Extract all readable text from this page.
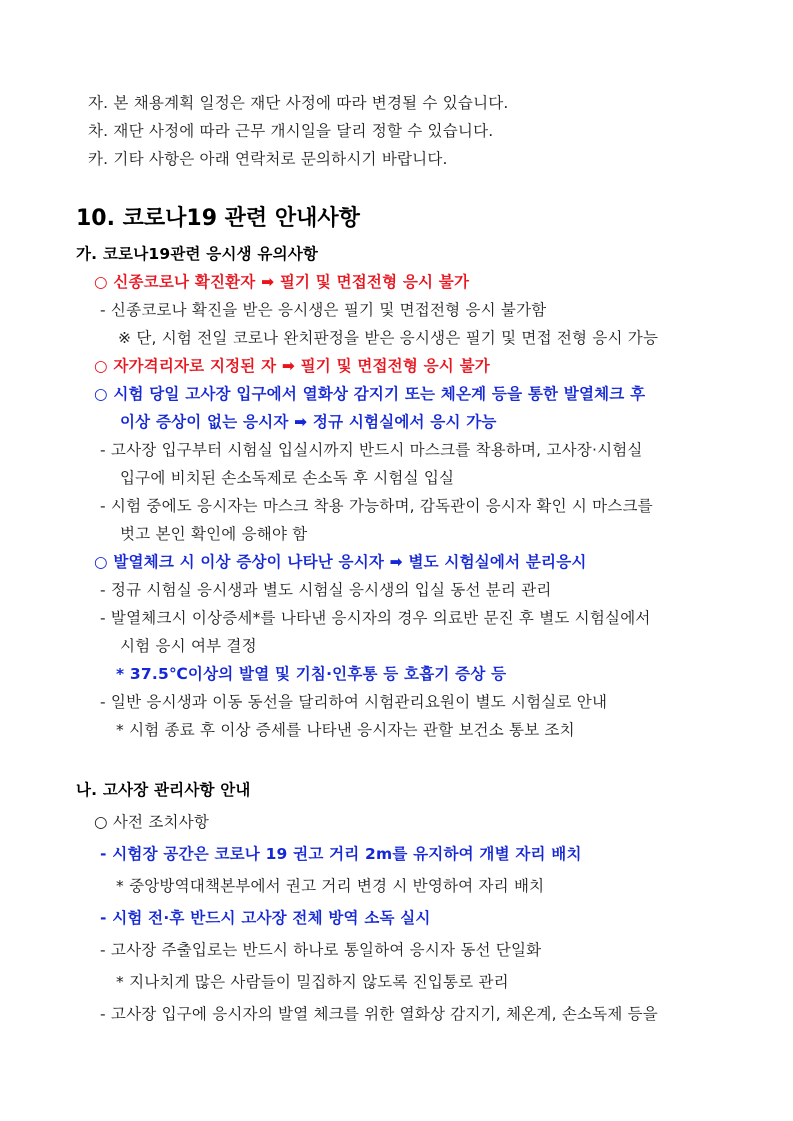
자. 본 채용계획 일정은 재단 사정에 따라 변경될 수 있습니다.
차. 재단 사정에 따라 근무 개시일을 달리 정할 수 있습니다.
카. 기타 사항은 아래 연락처로 문의하시기 바랍니다.
10. 코로나19 관련 안내사항
가. 코로나19관련 응시생 유의사항
○ 신종코로나 확진환자 ➡ 필기 및 면접전형 응시 불가
- 신종코로나 확진을 받은 응시생은 필기 및 면접전형 응시 불가함
※ 단, 시험 전일 코로나 완치판정을 받은 응시생은 필기 및 면접 전형 응시 가능
○ 자가격리자로 지정된 자 ➡ 필기 및 면접전형 응시 불가
○ 시험 당일 고사장 입구에서 열화상 감지기 또는 체온계 등을 통한 발열체크 후
이상 증상이 없는 응시자 ➡ 정규 시험실에서 응시 가능
- 고사장 입구부터 시험실 입실시까지 반드시 마스크를 착용하며, 고사장·시험실
입구에 비치된 손소독제로 손소독 후 시험실 입실
- 시험 중에도 응시자는 마스크 착용 가능하며, 감독관이 응시자 확인 시 마스크를
벗고 본인 확인에 응해야 함
○ 발열체크 시 이상 증상이 나타난 응시자 ➡ 별도 시험실에서 분리응시
- 정규 시험실 응시생과 별도 시험실 응시생의 입실 동선 분리 관리
- 발열체크시 이상증세*를 나타낸 응시자의 경우 의료반 문진 후 별도 시험실에서
시험 응시 여부 결정
* 37.5℃이상의 발열 및 기침·인후통 등 호흡기 증상 등
- 일반 응시생과 이동 동선을 달리하여 시험관리요원이 별도 시험실로 안내
* 시험 종료 후 이상 증세를 나타낸 응시자는 관할 보건소 통보 조치
나. 고사장 관리사항 안내
○ 사전 조치사항
- 시험장 공간은 코로나 19 권고 거리 2m를 유지하여 개별 자리 배치
* 중앙방역대책본부에서 권고 거리 변경 시 반영하여 자리 배치
- 시험 전·후 반드시 고사장 전체 방역 소독 실시
- 고사장 주출입로는 반드시 하나로 통일하여 응시자 동선 단일화
* 지나치게 많은 사람들이 밀집하지 않도록 진입통로 관리
- 고사장 입구에 응시자의 발열 체크를 위한 열화상 감지기, 체온계, 손소독제 등을
